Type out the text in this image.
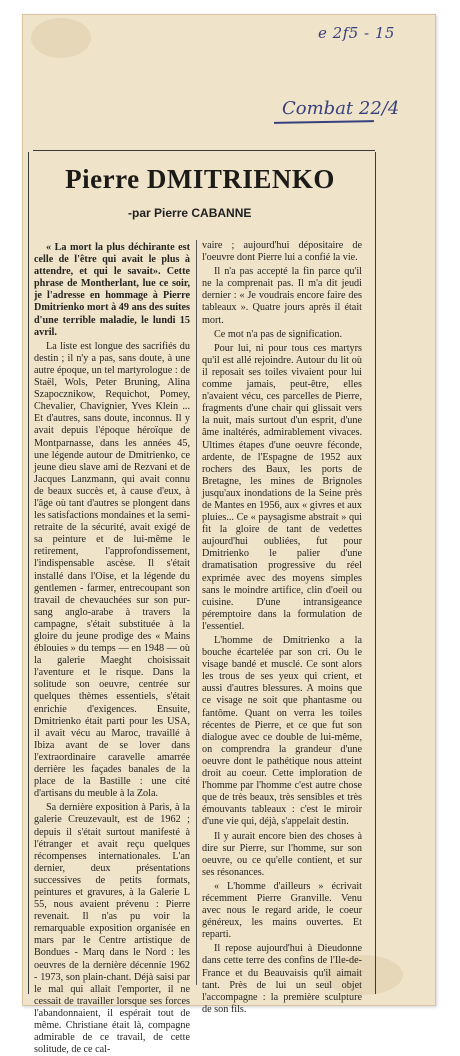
e 2f5 - 15
Combat 22/4
Pierre DMITRIENKO
-par Pierre CABANNE

« La mort la plus déchirante est celle de l'être qui avait le plus à attendre, et qui le savait». Cette phrase de Montherlant, lue ce soir, je l'adresse en hommage à Pierre Dmitrienko mort à 49 ans des suites d'une terrible maladie, le lundi 15 avril.

La liste est longue des sacrifiés du destin ; il n'y a pas, sans doute, à une autre époque, un tel martyrologue : de Staël, Wols, Peter Bruning, Alina Szapocznikow, Requichot, Pomey, Chevalier, Chavignier, Yves Klein ... Et d'autres, sans doute, inconnus. Il y avait depuis l'époque héroïque de Montparnasse, dans les années 45, une légende autour de Dmitrienko, ce jeune dieu slave ami de Rezvani et de Jacques Lanzmann, qui avait connu de beaux succès et, à cause d'eux, à l'âge où tant d'autres se plongent dans les satisfactions mondaines et la semi-retraite de la sécurité, avait exigé de sa peinture et de lui-même le retirement, l'approfondissement, l'indispensable ascèse. Il s'était installé dans l'Oise, et la légende du gentlemen - farmer, entrecoupant son travail de chevauchées sur son pur-sang anglo-arabe à travers la campagne, s'était substituée à la gloire du jeune prodige des « Mains éblouies » du temps — en 1948 — où la galerie Maeght choisissait l'aventure et le risque. Dans la solitude son oeuvre, centrée sur quelques thèmes essentiels, s'était enrichie d'exigences. Ensuite, Dmitrienko était parti pour les USA, il avait vécu au Maroc, travaillé à Ibiza avant de se lover dans l'extraordinaire caravelle amarrée derrière les façades banales de la place de la Bastille : une cité d'artisans du meuble à la Zola.

Sa dernière exposition à Paris, à la galerie Creuzevault, est de 1962 ; depuis il s'était surtout manifesté à l'étranger et avait reçu quelques récompenses internationales. L'an dernier, deux présentations successives de petits formats, peintures et gravures, à la Galerie L 55, nous avaient prévenu : Pierre revenait. Il n'as pu voir la remarquable exposition organisée en mars par le Centre artistique de Bondues - Marq dans le Nord : les oeuvres de la dernière décennie 1962 - 1973, son plain-chant. Déjà saisi par le mal qui allait l'emporter, il ne cessait de travailler lorsque ses forces l'abandonnaient, il espérait tout de même. Christiane était là, compagne admirable de ce travail, de cette solitude, de ce cal-

vaire ; aujourd'hui dépositaire de l'oeuvre dont Pierre lui a confié la vie.

Il n'a pas accepté la fin parce qu'il ne la comprenait pas. Il m'a dit jeudi dernier : « Je voudrais encore faire des tableaux ». Quatre jours après il était mort.

Ce mot n'a pas de signification.

Pour lui, ni pour tous ces martyrs qu'il est allé rejoindre. Autour du lit où il reposait ses toiles vivaient pour lui comme jamais, peut-être, elles n'avaient vécu, ces parcelles de Pierre, fragments d'une chair qui glissait vers la nuit, mais surtout d'un esprit, d'une âme inaltérés, admirablement vivaces. Ultimes étapes d'une oeuvre féconde, ardente, de l'Espagne de 1952 aux rochers des Baux, les ports de Bretagne, les mines de Brignoles jusqu'aux inondations de la Seine près de Mantes en 1956, aux « givres et aux pluies... Ce « paysagisme abstrait » qui fit la gloire de tant de vedettes aujourd'hui oubliées, fut pour Dmitrienko le palier d'une dramatisation progressive du réel exprimée avec des moyens simples sans le moindre artifice, clin d'oeil ou cuisine. D'une intransigeance péremptoire dans la formulation de l'essentiel.

L'homme de Dmitrienko a la bouche écartelée par son cri. Ou le visage bandé et musclé. Ce sont alors les trous de ses yeux qui crient, et aussi d'autres blessures. A moins que ce visage ne soit que phantasme ou fantôme. Quant on verra les toiles récentes de Pierre, et ce que fut son dialogue avec ce double de lui-même, on comprendra la grandeur d'une oeuvre dont le pathétique nous atteint droit au coeur. Cette imploration de l'homme par l'homme c'est autre chose que de très beaux, très sensibles et très émouvants tableaux : c'est le miroir d'une vie qui, déjà, s'appelait destin.

Il y aurait encore bien des choses à dire sur Pierre, sur l'homme, sur son oeuvre, ou ce qu'elle contient, et sur ses résonances.

« L'homme d'ailleurs » écrivait récemment Pierre Granville. Venu avec nous le regard aride, le coeur généreux, les mains ouvertes. Et reparti.

Il repose aujourd'hui à Dieudonne dans cette terre des confins de l'Ile-de-France et du Beauvaisis qu'il aimait tant. Près de lui un seul objet l'accompagne : la première sculpture de son fils.
